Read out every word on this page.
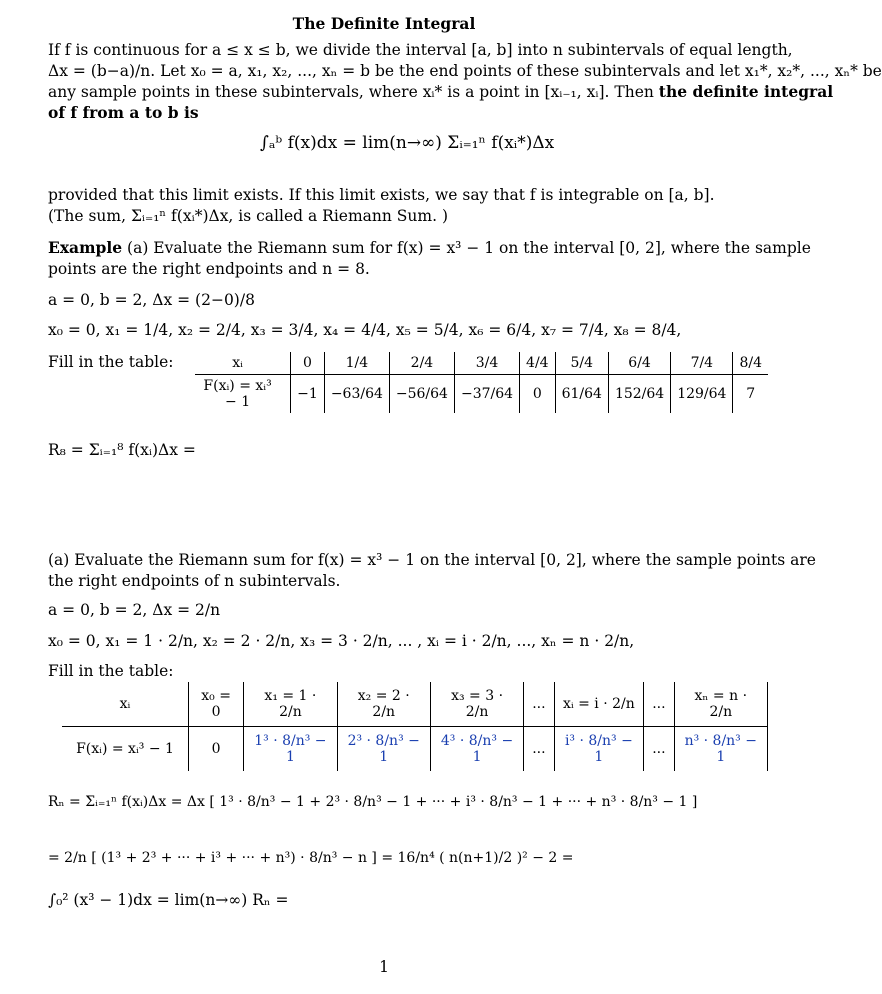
The Definite Integral
If f is continuous for a ≤ x ≤ b, we divide the interval [a, b] into n subintervals of equal length,
Δx = (b−a)/n. Let x₀ = a, x₁, x₂, ..., xₙ = b be the end points of these subintervals and let x₁*, x₂*, ..., xₙ* be
any sample points in these subintervals, where xᵢ* is a point in [xᵢ₋₁, xᵢ]. Then the definite integral
of f from a to b is
∫ₐᵇ f(x)dx = lim(n→∞) Σᵢ₌₁ⁿ f(xᵢ*)Δx
provided that this limit exists. If this limit exists, we say that f is integrable on [a, b].
(The sum, Σᵢ₌₁ⁿ f(xᵢ*)Δx, is called a Riemann Sum. )
Example (a) Evaluate the Riemann sum for f(x) = x³ − 1 on the interval [0, 2], where the sample
points are the right endpoints and n = 8.
a = 0, b = 2, Δx = (2−0)/8
x₀ = 0, x₁ = 1/4, x₂ = 2/4, x₃ = 3/4, x₄ = 4/4, x₅ = 5/4, x₆ = 6/4, x₇ = 7/4, x₈ = 8/4,
Fill in the table:	xᵢ	0	1/4	2/4	3/4	4/4	5/4	6/4	7/4	8/4
F(xᵢ) = xᵢ³ − 1	−1	−63/64	−56/64	−37/64	0	61/64	152/64	129/64	7
R₈ = Σᵢ₌₁⁸ f(xᵢ)Δx =
(a) Evaluate the Riemann sum for f(x) = x³ − 1 on the interval [0, 2], where the sample points are
the right endpoints of n subintervals.
a = 0, b = 2, Δx = 2/n
x₀ = 0, x₁ = 1 · 2/n, x₂ = 2 · 2/n, x₃ = 3 · 2/n, ... , xᵢ = i · 2/n, ..., xₙ = n · 2/n,
Fill in the table:
xᵢ	x₀ = 0	x₁ = 1 · 2/n	x₂ = 2 · 2/n	x₃ = 3 · 2/n	...	xᵢ = i · 2/n	...	xₙ = n · 2/n
F(xᵢ) = xᵢ³ − 1	0	1³ · 8/n³ − 1	2³ · 8/n³ − 1	4³ · 8/n³ − 1	...	i³ · 8/n³ − 1	...	n³ · 8/n³ − 1
Rₙ = Σᵢ₌₁ⁿ f(xᵢ)Δx = Δx [ 1³ · 8/n³ − 1 + 2³ · 8/n³ − 1 + ··· + i³ · 8/n³ − 1 + ··· + n³ · 8/n³ − 1 ]
= 2/n [ (1³ + 2³ + ··· + i³ + ··· + n³) · 8/n³ − n ] = 16/n⁴ ( n(n+1)/2 )² − 2 =
∫₀² (x³ − 1)dx = lim(n→∞) Rₙ =
1
